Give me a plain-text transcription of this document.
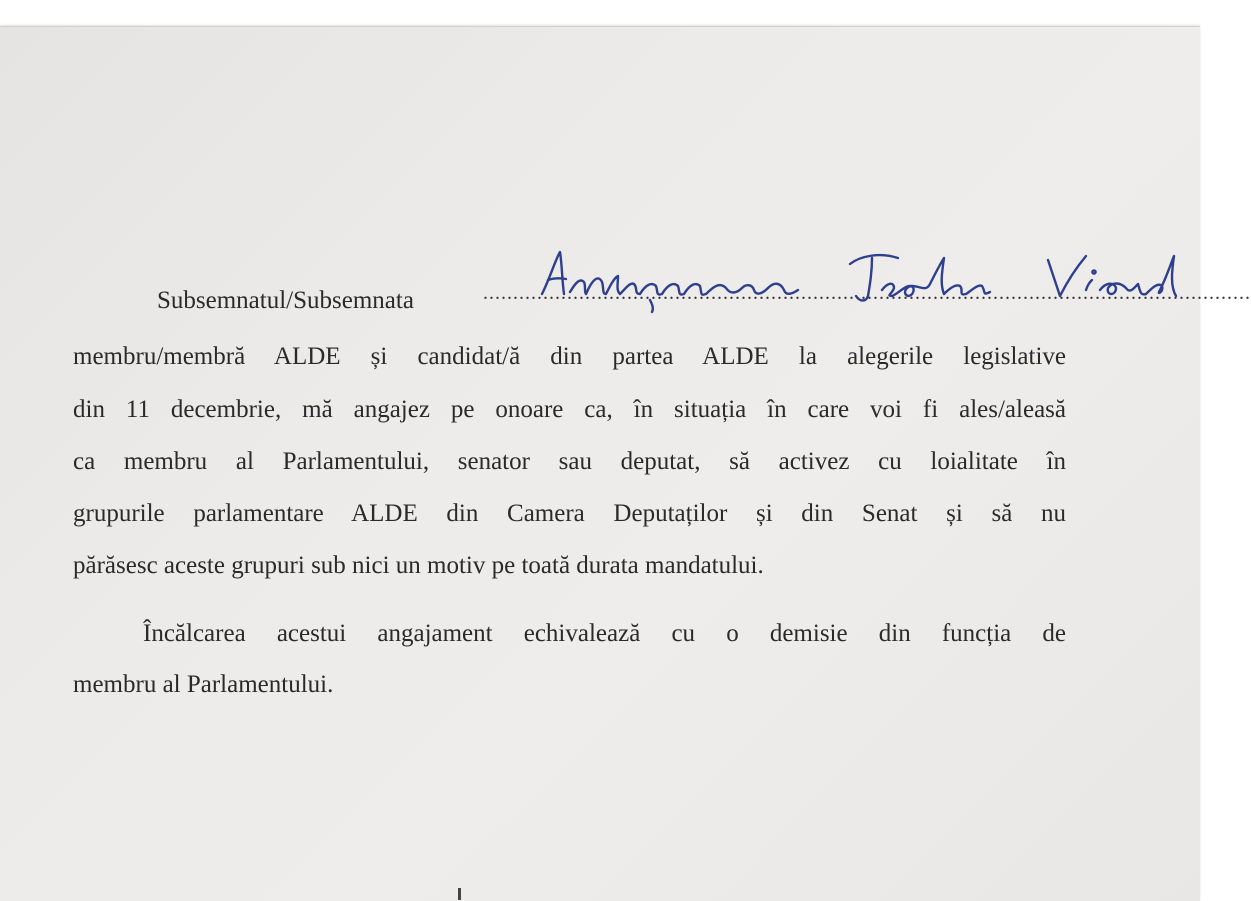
Subsemnatul/Subsemnata	................................................................................................................................
membru/membră ALDE și candidat/ă din partea ALDE la alegerile legislative
din 11 decembrie, mă angajez pe onoare ca, în situația în care voi fi ales/aleasă
ca membru al Parlamentului, senator sau deputat, să activez cu loialitate în
grupurile parlamentare ALDE din Camera Deputaților și din Senat și să nu
părăsesc aceste grupuri sub nici un motiv pe toată durata mandatului.
Încălcarea acestui angajament echivalează cu o demisie din funcția de
membru al Parlamentului.
